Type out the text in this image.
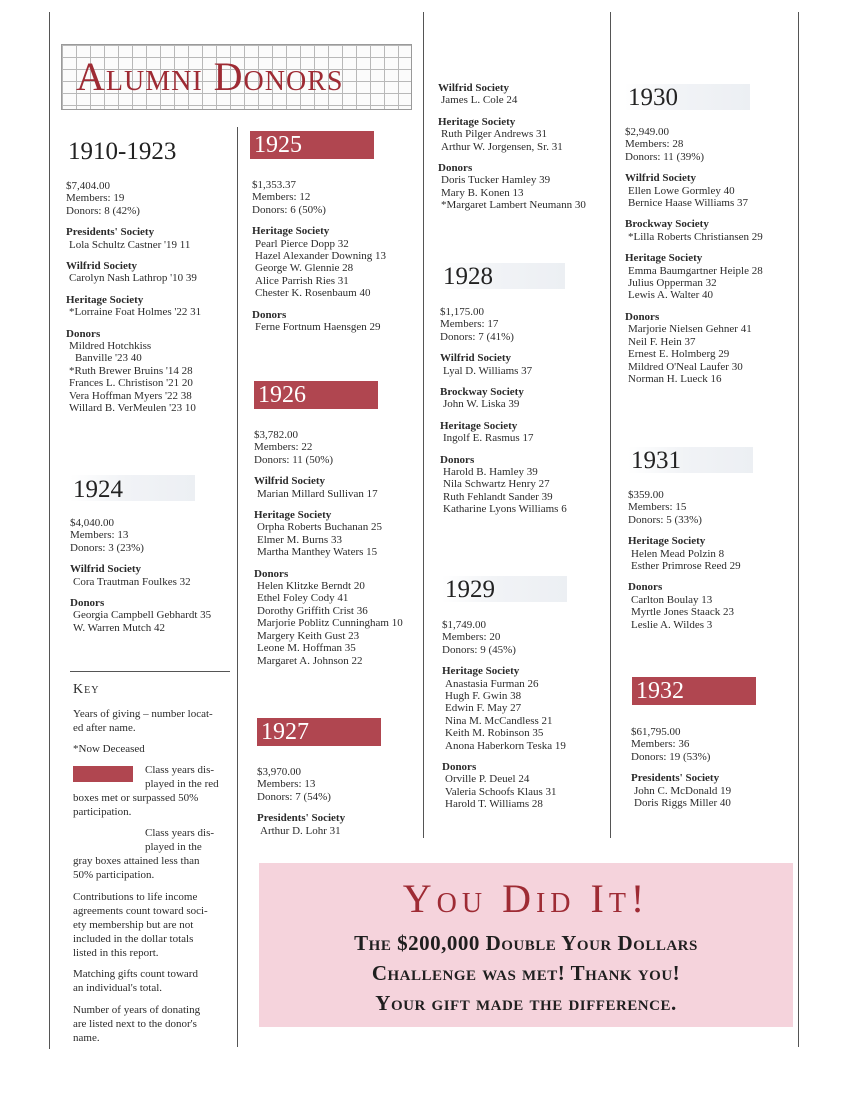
Alumni Donors
1910-1923
$7,404.00
Members: 19
Donors: 8 (42%)
Presidents' Society
Lola Schultz Castner '19 11
Wilfrid Society
Carolyn Nash Lathrop '10 39
Heritage Society
*Lorraine Foat Holmes '22 31
Donors
Mildred Hotchkiss
Banville '23 40
*Ruth Brewer Bruins '14 28
Frances L. Christison '21 20
Vera Hoffman Myers '22 38
Willard B. VerMeulen '23 10
1924
$4,040.00
Members: 13
Donors: 3 (23%)
Wilfrid Society
Cora Trautman Foulkes 32
Donors
Georgia Campbell Gebhardt 35
W. Warren Mutch 42
Key
Years of giving – number locat-
ed after name.
*Now Deceased
Class years dis-
played in the red
boxes met or surpassed 50%
participation.
Class years dis-
played in the
gray boxes attained less than
50% participation.
Contributions to life income
agreements count toward soci-
ety membership but are not
included in the dollar totals
listed in this report.
Matching gifts count toward
an individual's total.
Number of years of donating
are listed next to the donor's
name.
1925
$1,353.37
Members: 12
Donors: 6 (50%)
Heritage Society
Pearl Pierce Dopp 32
Hazel Alexander Downing 13
George W. Glennie 28
Alice Parrish Ries 31
Chester K. Rosenbaum 40
Donors
Ferne Fortnum Haensgen 29
1926
$3,782.00
Members: 22
Donors: 11 (50%)
Wilfrid Society
Marian Millard Sullivan 17
Heritage Society
Orpha Roberts Buchanan 25
Elmer M. Burns 33
Martha Manthey Waters 15
Donors
Helen Klitzke Berndt 20
Ethel Foley Cody 41
Dorothy Griffith Crist 36
Marjorie Poblitz Cunningham 10
Margery Keith Gust 23
Leone M. Hoffman 35
Margaret A. Johnson 22
1927
$3,970.00
Members: 13
Donors: 7 (54%)
Presidents' Society
Arthur D. Lohr 31
Wilfrid Society
James L. Cole 24
Heritage Society
Ruth Pilger Andrews 31
Arthur W. Jorgensen, Sr. 31
Donors
Doris Tucker Hamley 39
Mary B. Konen 13
*Margaret Lambert Neumann 30
1928
$1,175.00
Members: 17
Donors: 7 (41%)
Wilfrid Society
Lyal D. Williams 37
Brockway Society
John W. Liska 39
Heritage Society
Ingolf E. Rasmus 17
Donors
Harold B. Hamley 39
Nila Schwartz Henry 27
Ruth Fehlandt Sander 39
Katharine Lyons Williams 6
1929
$1,749.00
Members: 20
Donors: 9 (45%)
Heritage Society
Anastasia Furman 26
Hugh F. Gwin 38
Edwin F. May 27
Nina M. McCandless 21
Keith M. Robinson 35
Anona Haberkorn Teska 19
Donors
Orville P. Deuel 24
Valeria Schoofs Klaus 31
Harold T. Williams 28
1930
$2,949.00
Members: 28
Donors: 11 (39%)
Wilfrid Society
Ellen Lowe Gormley 40
Bernice Haase Williams 37
Brockway Society
*Lilla Roberts Christiansen 29
Heritage Society
Emma Baumgartner Heiple 28
Julius Opperman 32
Lewis A. Walter 40
Donors
Marjorie Nielsen Gehner 41
Neil F. Hein 37
Ernest E. Holmberg 29
Mildred O'Neal Laufer 30
Norman H. Lueck 16
1931
$359.00
Members: 15
Donors: 5 (33%)
Heritage Society
Helen Mead Polzin 8
Esther Primrose Reed 29
Donors
Carlton Boulay 13
Myrtle Jones Staack 23
Leslie A. Wildes 3
1932
$61,795.00
Members: 36
Donors: 19 (53%)
Presidents' Society
John C. McDonald 19
Doris Riggs Miller 40
You Did It!
The $200,000 Double Your Dollars
Challenge was met! Thank you!
Your gift made the difference.
